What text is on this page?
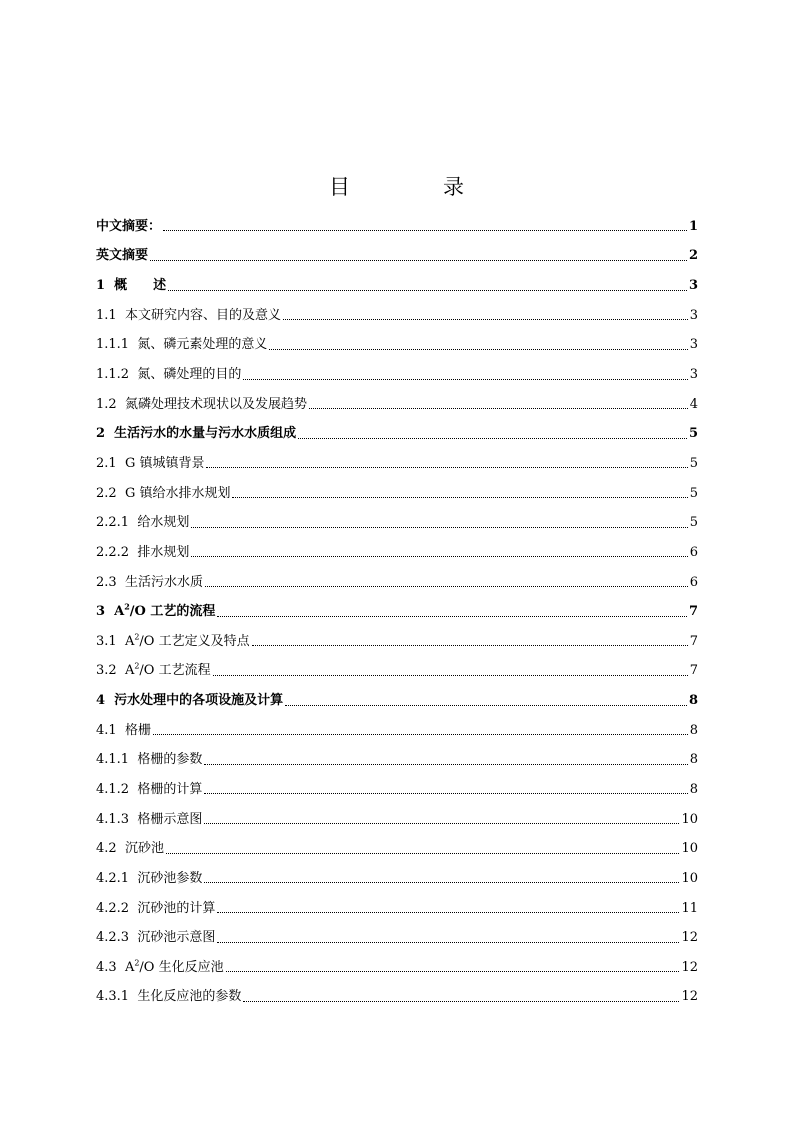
目　录
中文摘要：	1
英文摘要	2
1  概　　述	3
1.1  本文研究内容、目的及意义	3
1.1.1  氮、磷元素处理的意义	3
1.1.2  氮、磷处理的目的	3
1.2  氮磷处理技术现状以及发展趋势	4
2  生活污水的水量与污水水质组成	5
2.1  G 镇城镇背景	5
2.2  G 镇给水排水规划	5
2.2.1  给水规划	5
2.2.2  排水规划	6
2.3  生活污水水质	6
3  $A^2/O$ 工艺的流程	7
3.1  $A^2/O$ 工艺定义及特点	7
3.2  $A^2/O$ 工艺流程	7
4  污水处理中的各项设施及计算	8
4.1  格栅	8
4.1.1  格栅的参数	8
4.1.2  格栅的计算	8
4.1.3  格栅示意图	10
4.2  沉砂池	10
4.2.1  沉砂池参数	10
4.2.2  沉砂池的计算	11
4.2.3  沉砂池示意图	12
4.3  $A^2/O$ 生化反应池	12
4.3.1  生化反应池的参数	12
